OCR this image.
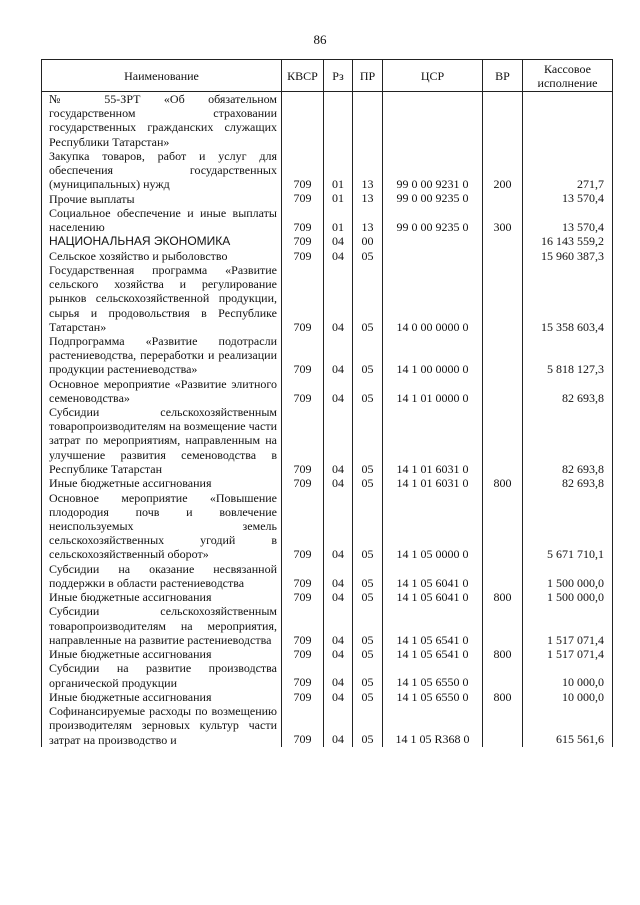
86
Наименование	КВСР	Рз	ПР	ЦСР	ВР	Кассовое исполнение
№ 55-ЗРТ «Об обязательном государственном страховании государственных гражданских служащих Республики Татарстан»						
Закупка товаров, работ и услуг для обеспечения государственных (муниципальных) нужд	709	01	13	99 0 00 9231 0	200	271,7
Прочие выплаты	709	01	13	99 0 00 9235 0		13 570,4
Социальное обеспечение и иные выплаты населению	709	01	13	99 0 00 9235 0	300	13 570,4
НАЦИОНАЛЬНАЯ ЭКОНОМИКА	709	04	00			16 143 559,2
Сельское хозяйство и рыболовство	709	04	05			15 960 387,3
Государственная программа «Развитие сельского хозяйства и регулирование рынков сельскохозяйственной продукции, сырья и продовольствия в Республике Татарстан»	709	04	05	14 0 00 0000 0		15 358 603,4
Подпрограмма «Развитие подотрасли растениеводства, переработки и реализации продукции растениеводства»	709	04	05	14 1 00 0000 0		5 818 127,3
Основное мероприятие «Развитие элитного семеноводства»	709	04	05	14 1 01 0000 0		82 693,8
Субсидии сельскохозяйственным товаропроизводителям на возмещение части затрат по мероприятиям, направленным на улучшение развития семеноводства в Республике Татарстан	709	04	05	14 1 01 6031 0		82 693,8
Иные бюджетные ассигнования	709	04	05	14 1 01 6031 0	800	82 693,8
Основное мероприятие «Повышение плодородия почв и вовлечение неиспользуемых земель сельскохозяйственных угодий в сельскохозяйственный оборот»	709	04	05	14 1 05 0000 0		5 671 710,1
Субсидии на оказание несвязанной поддержки в области растениеводства	709	04	05	14 1 05 6041 0		1 500 000,0
Иные бюджетные ассигнования	709	04	05	14 1 05 6041 0	800	1 500 000,0
Субсидии сельскохозяйственным товаропроизводителям на мероприятия, направленные на развитие растениеводства	709	04	05	14 1 05 6541 0		1 517 071,4
Иные бюджетные ассигнования	709	04	05	14 1 05 6541 0	800	1 517 071,4
Субсидии на развитие производства органической продукции	709	04	05	14 1 05 6550 0		10 000,0
Иные бюджетные ассигнования	709	04	05	14 1 05 6550 0	800	10 000,0
Софинансируемые расходы по возмещению производителям зерновых культур части затрат на производство и	709	04	05	14 1 05 R368 0		615 561,6
